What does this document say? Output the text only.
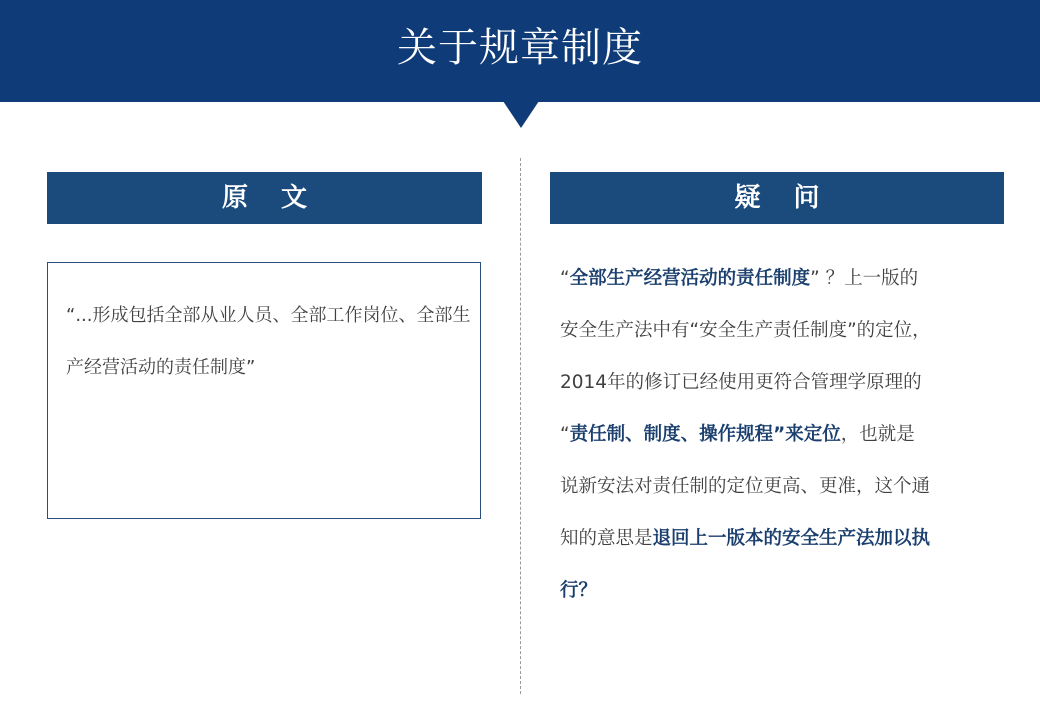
关于规章制度
原 文	疑 问

“...形成包括全部从业人员、全部工作岗位、全部生产经营活动的责任制度”

“全部生产经营活动的责任制度” ？上一版的
安全生产法中有“安全生产责任制度”的定位，
2014年的修订已经使用更符合管理学原理的
“责任制、制度、操作规程”来定位，也就是
说新安法对责任制的定位更高、更准，这个通
知的意思是退回上一版本的安全生产法加以执
行？
